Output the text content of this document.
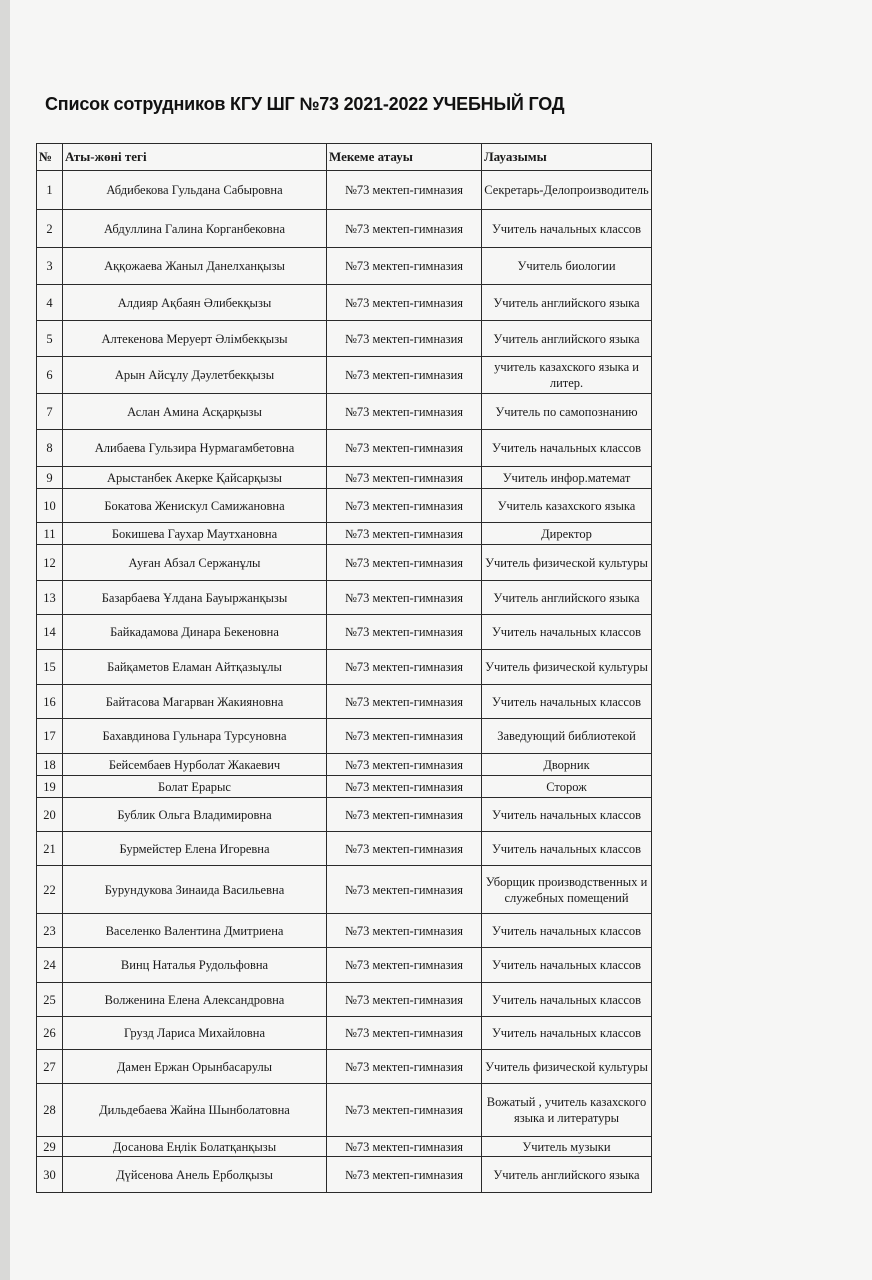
Список сотрудников КГУ ШГ №73 2021-2022 УЧЕБНЫЙ ГОД
№	Аты-жөні тегі	Мекеме атауы	Лауазымы
1	Абдибекова Гульдана Сабыровна	№73 мектеп-гимназия	Секретарь-Делопроизводитель
2	Абдуллина Галина Корганбековна	№73 мектеп-гимназия	Учитель начальных классов
3	Аққожаева Жаныл Данелханқызы	№73 мектеп-гимназия	Учитель биологии
4	Алдияр Ақбаян Әлибекқызы	№73 мектеп-гимназия	Учитель английского языка
5	Алтекенова Меруерт Әлімбекқызы	№73 мектеп-гимназия	Учитель английского языка
6	Арын Айсұлу Дәулетбекқызы	№73 мектеп-гимназия	учитель казахского языка и литер.
7	Аслан Амина Асқарқызы	№73 мектеп-гимназия	Учитель по самопознанию
8	Алибаева Гульзира Нурмагамбетовна	№73 мектеп-гимназия	Учитель начальных классов
9	Арыстанбек Акерке Қайсарқызы	№73 мектеп-гимназия	Учитель инфор.математ
10	Бокатова Женискул Самижановна	№73 мектеп-гимназия	Учитель казахского языка
11	Бокишева Гаухар Маутхановна	№73 мектеп-гимназия	Директор
12	Ауған Абзал Сержанұлы	№73 мектеп-гимназия	Учитель физической культуры
13	Базарбаева Ұлдана Бауыржанқызы	№73 мектеп-гимназия	Учитель английского языка
14	Байкадамова Динара Бекеновна	№73 мектеп-гимназия	Учитель начальных классов
15	Байқаметов Еламан Айтқазыұлы	№73 мектеп-гимназия	Учитель физической культуры
16	Байтасова Магарван Жакияновна	№73 мектеп-гимназия	Учитель начальных классов
17	Бахавдинова Гульнара Турсуновна	№73 мектеп-гимназия	Заведующий библиотекой
18	Бейсембаев Нурболат Жакаевич	№73 мектеп-гимназия	Дворник
19	Болат Ерарыс	№73 мектеп-гимназия	Сторож
20	Бублик Ольга Владимировна	№73 мектеп-гимназия	Учитель начальных классов
21	Бурмейстер Елена Игоревна	№73 мектеп-гимназия	Учитель начальных классов
22	Бурундукова Зинаида Васильевна	№73 мектеп-гимназия	Уборщик производственных и служебных помещений
23	Васеленко Валентина Дмитриена	№73 мектеп-гимназия	Учитель начальных классов
24	Винц Наталья Рудольфовна	№73 мектеп-гимназия	Учитель начальных классов
25	Волженина Елена Александровна	№73 мектеп-гимназия	Учитель начальных классов
26	Грузд Лариса Михайловна	№73 мектеп-гимназия	Учитель начальных классов
27	Дамен Ержан Орынбасарулы	№73 мектеп-гимназия	Учитель физической культуры
28	Дильдебаева Жайна Шынболатовна	№73 мектеп-гимназия	Вожатый , учитель казахского языка и литературы
29	Досанова Еңлік Болатқанқызы	№73 мектеп-гимназия	Учитель музыки
30	Дүйсенова Анель Ерболқызы	№73 мектеп-гимназия	Учитель английского языка
